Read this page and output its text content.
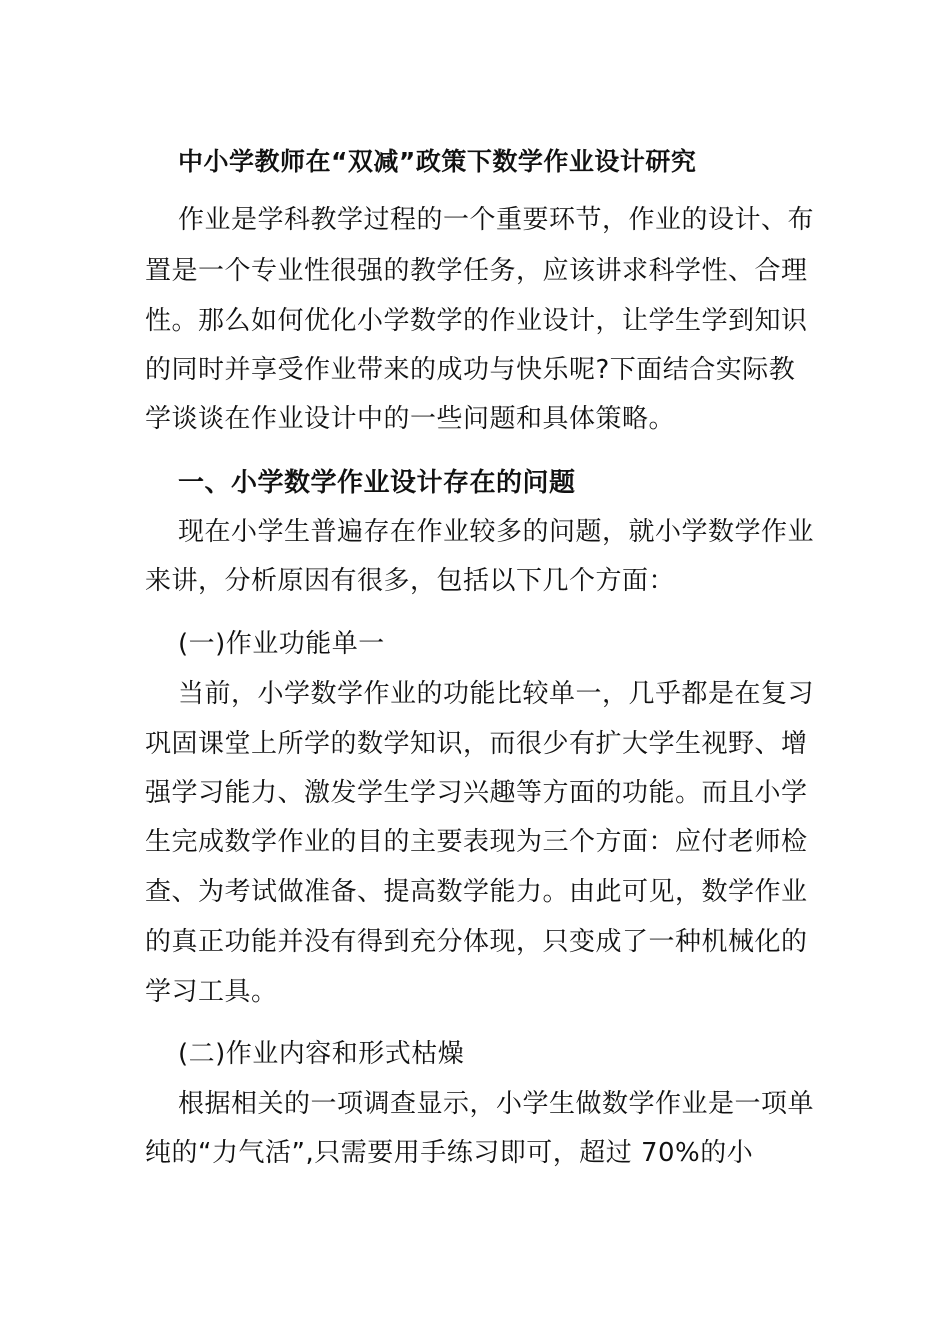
中小学教师在“双减”政策下数学作业设计研究
作业是学科教学过程的一个重要环节，作业的设计、布
置是一个专业性很强的教学任务，应该讲求科学性、合理
性。那么如何优化小学数学的作业设计，让学生学到知识
的同时并享受作业带来的成功与快乐呢?下面结合实际教
学谈谈在作业设计中的一些问题和具体策略。
一、小学数学作业设计存在的问题
现在小学生普遍存在作业较多的问题，就小学数学作业
来讲，分析原因有很多，包括以下几个方面：
(一)作业功能单一
当前，小学数学作业的功能比较单一，几乎都是在复习
巩固课堂上所学的数学知识，而很少有扩大学生视野、增
强学习能力、激发学生学习兴趣等方面的功能。而且小学
生完成数学作业的目的主要表现为三个方面：应付老师检
查、为考试做准备、提高数学能力。由此可见，数学作业
的真正功能并没有得到充分体现，只变成了一种机械化的
学习工具。
(二)作业内容和形式枯燥
根据相关的一项调查显示，小学生做数学作业是一项单
纯的“力气活”,只需要用手练习即可，超过 70%的小
